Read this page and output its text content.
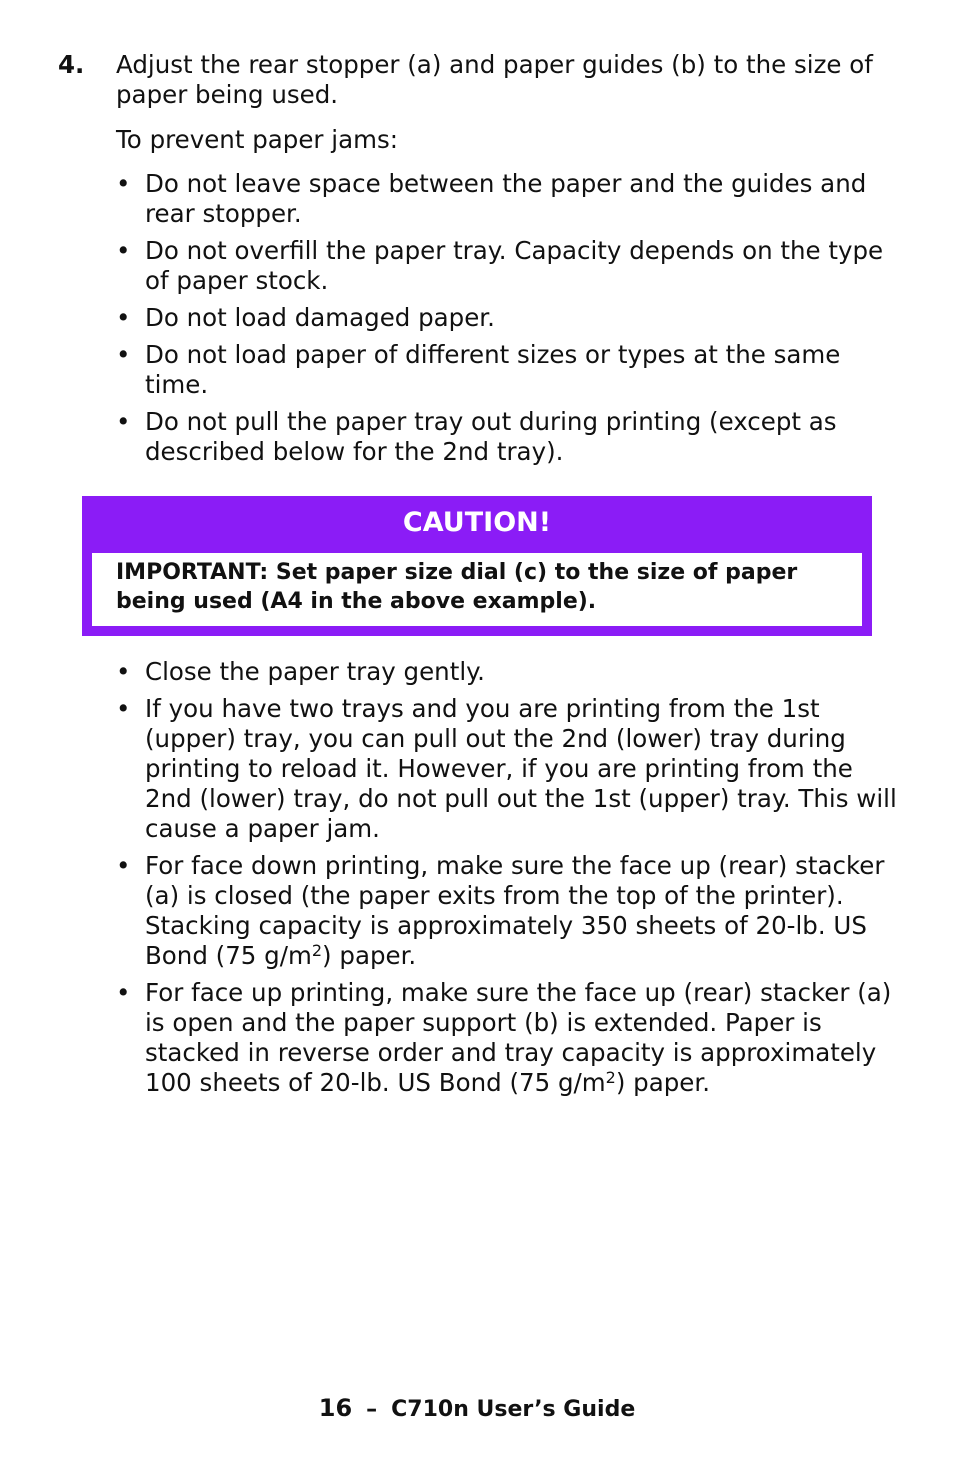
4. Adjust the rear stopper (a) and paper guides (b) to the size of paper being used.

To prevent paper jams:

• Do not leave space between the paper and the guides and rear stopper.
• Do not overfill the paper tray. Capacity depends on the type of paper stock.
• Do not load damaged paper.
• Do not load paper of different sizes or types at the same time.
• Do not pull the paper tray out during printing (except as described below for the 2nd tray).
CAUTION!
IMPORTANT: Set paper size dial (c) to the size of paper being used (A4 in the above example).
• Close the paper tray gently.
• If you have two trays and you are printing from the 1st (upper) tray, you can pull out the 2nd (lower) tray during printing to reload it. However, if you are printing from the 2nd (lower) tray, do not pull out the 1st (upper) tray. This will cause a paper jam.
• For face down printing, make sure the face up (rear) stacker (a) is closed (the paper exits from the top of the printer). Stacking capacity is approximately 350 sheets of 20-lb. US Bond (75 $g/m^2$) paper.
• For face up printing, make sure the face up (rear) stacker (a) is open and the paper support (b) is extended. Paper is stacked in reverse order and tray capacity is approximately 100 sheets of 20-lb. US Bond (75 $g/m^2$) paper.
16 – C710n User’s Guide
